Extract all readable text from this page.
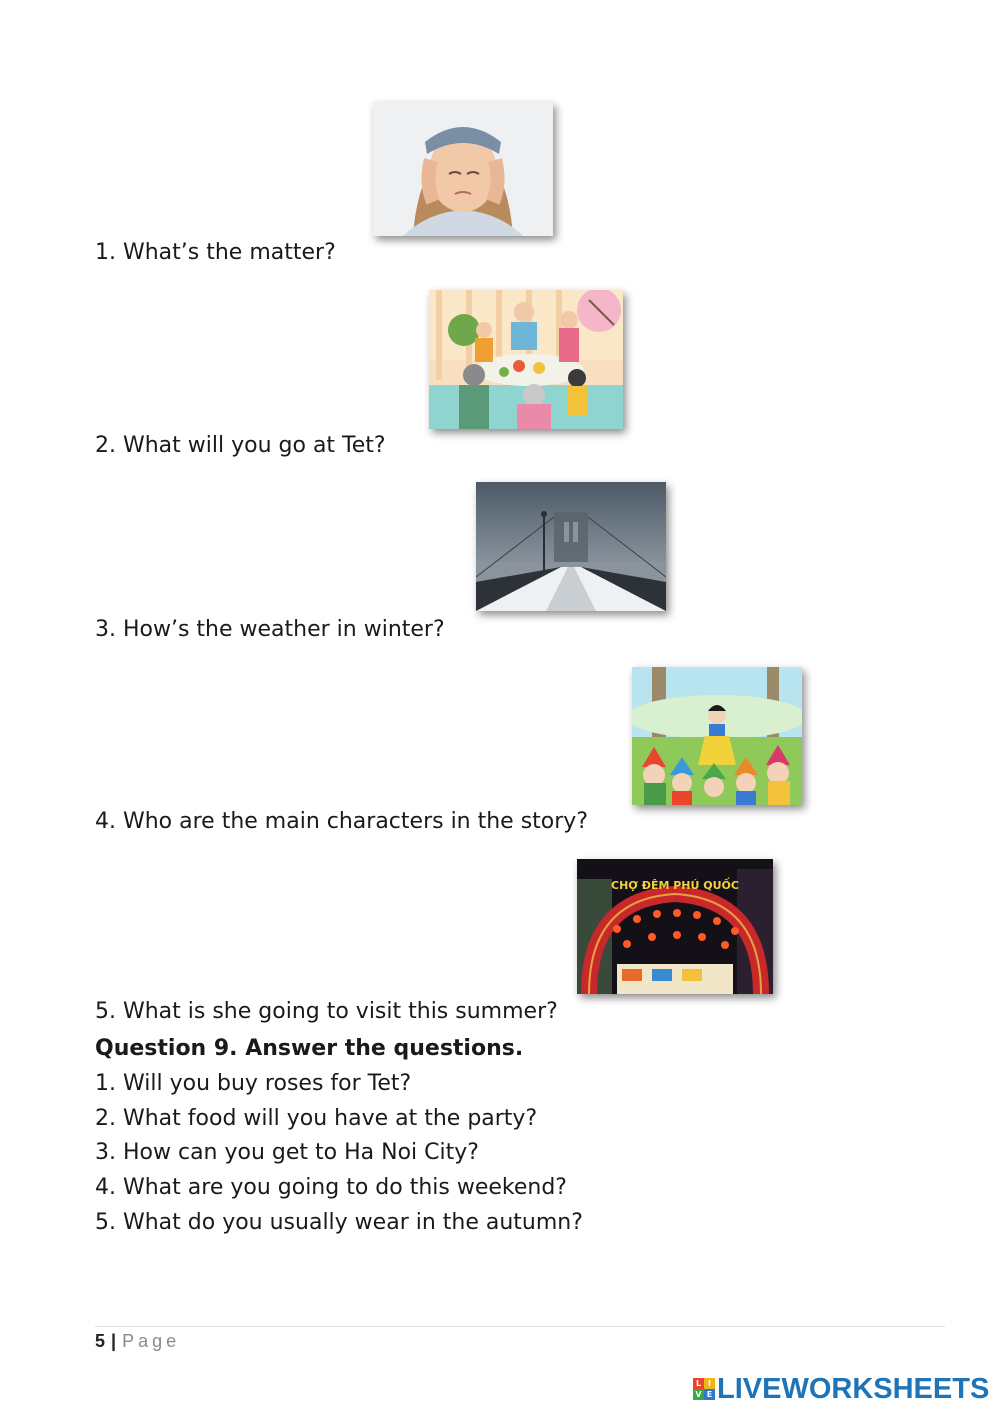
1. What’s the matter?
2. What will you go at Tet?
3. How’s the weather in winter?
4. Who are the main characters in the story?
CHỢ ĐÊM PHÚ QUỐC
5. What is she going to visit this summer?
Question 9. Answer the questions.
1. Will you buy roses for Tet?
2. What food will you have at the party?
3. How can you get to Ha Noi City?
4. What are you going to do this weekend?
5. What do you usually wear in the autumn?
5 | Page
L I
V E LIVEWORKSHEETS
